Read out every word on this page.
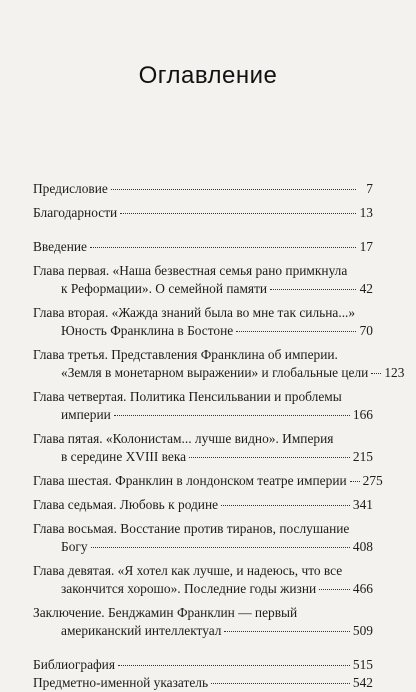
Оглавление
Предисловие	7
Благодарности	13
Введение	17
Глава первая. «Наша безвестная семья рано примкнула
к Реформации». О семейной памяти	42
Глава вторая. «Жажда знаний была во мне так сильна...»
Юность Франклина в Бостоне	70
Глава третья. Представления Франклина об империи.
«Земля в монетарном выражении» и глобальные цели 123
Глава четвертая. Политика Пенсильвании и проблемы
империи	166
Глава пятая. «Колонистам... лучше видно». Империя
в середине XVIII века	215
Глава шестая. Франклин в лондонском театре империи 275
Глава седьмая. Любовь к родине	341
Глава восьмая. Восстание против тиранов, послушание
Богу	408
Глава девятая. «Я хотел как лучше, и надеюсь, что все
закончится хорошо». Последние годы жизни	466
Заключение. Бенджамин Франклин — первый
американский интеллектуал	509
Библиография	515
Предметно-именной указатель	542
